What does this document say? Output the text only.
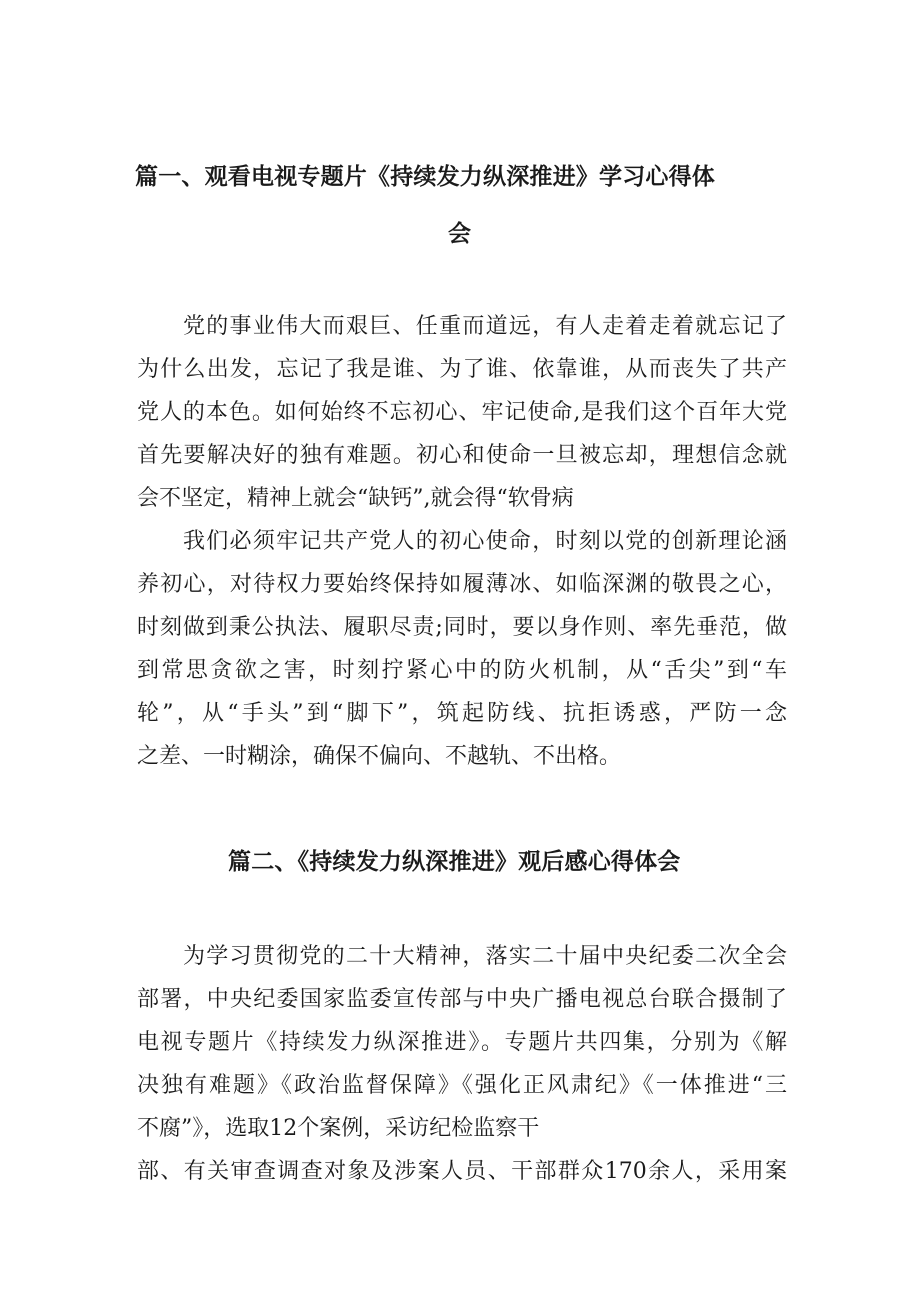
篇一、观看电视专题片《持续发力纵深推进》学习心得体
会
党的事业伟大而艰巨、任重而道远，有人走着走着就忘记了
为什么出发，忘记了我是谁、为了谁、依靠谁，从而丧失了共产
党人的本色。如何始终不忘初心、牢记使命,是我们这个百年大党
首先要解决好的独有难题。初心和使命一旦被忘却，理想信念就
会不坚定，精神上就会“缺钙”,就会得“软骨病
我们必须牢记共产党人的初心使命，时刻以党的创新理论涵
养初心，对待权力要始终保持如履薄冰、如临深渊的敬畏之心，
时刻做到秉公执法、履职尽责;同时，要以身作则、率先垂范，做
到常思贪欲之害，时刻拧紧心中的防火机制，从“舌尖”到“车
轮”，从“手头”到“脚下”，筑起防线、抗拒诱惑，严防一念
之差、一时糊涂，确保不偏向、不越轨、不出格。
篇二、《持续发力纵深推进》观后感心得体会
为学习贯彻党的二十大精神，落实二十届中央纪委二次全会
部署，中央纪委国家监委宣传部与中央广播电视总台联合摄制了
电视专题片《持续发力纵深推进》。专题片共四集，分别为《解
决独有难题》《政治监督保障》《强化正风肃纪》《一体推进“三
不腐”》，选取12个案例，采访纪检监察干
部、有关审查调查对象及涉案人员、干部群众170余人，采用案
